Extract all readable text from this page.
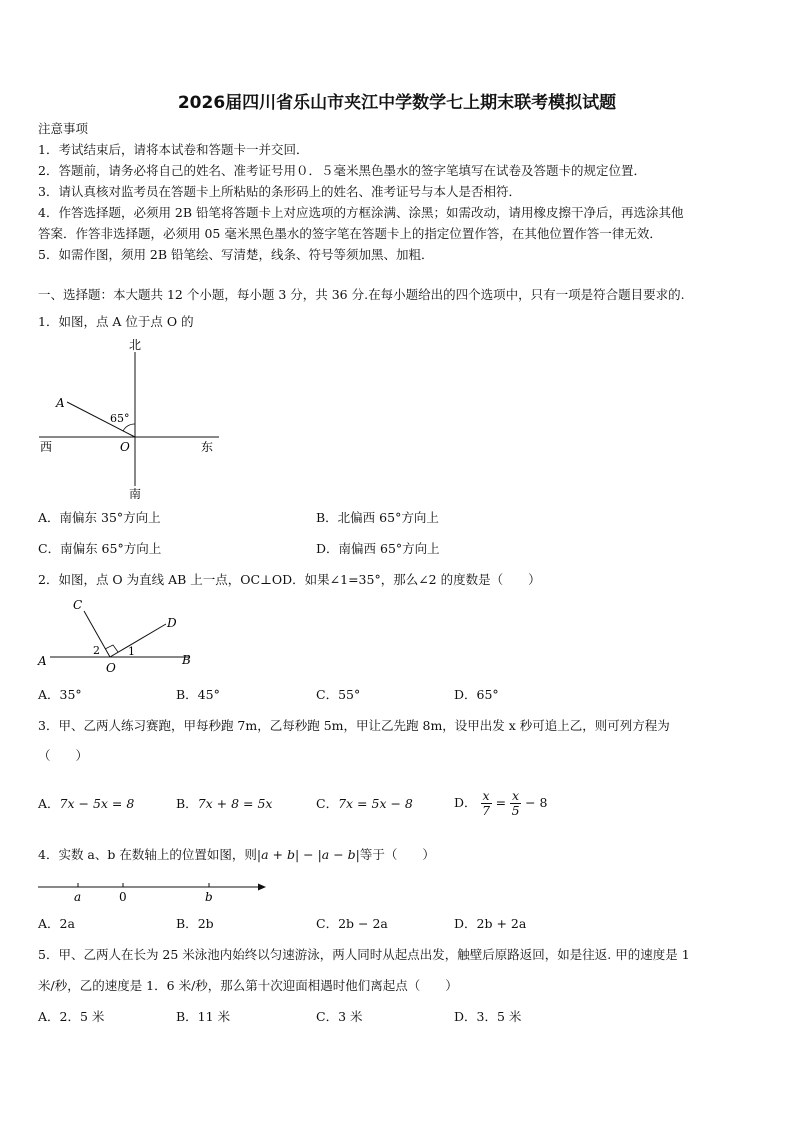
2026届四川省乐山市夹江中学数学七上期末联考模拟试题
注意事项
1．考试结束后，请将本试卷和答题卡一并交回．
2．答题前，请务必将自己的姓名、准考证号用０．５毫米黑色墨水的签字笔填写在试卷及答题卡的规定位置．
3．请认真核对监考员在答题卡上所粘贴的条形码上的姓名、准考证号与本人是否相符．
4．作答选择题，必须用 2B 铅笔将答题卡上对应选项的方框涂满、涂黑；如需改动，请用橡皮擦干净后，再选涂其他
答案．作答非选择题，必须用 05 毫米黑色墨水的签字笔在答题卡上的指定位置作答，在其他位置作答一律无效．
5．如需作图，须用 2B 铅笔绘、写清楚，线条、符号等须加黑、加粗．
一、选择题：本大题共 12 个小题，每小题 3 分，共 36 分.在每小题给出的四个选项中，只有一项是符合题目要求的.
1．如图，点 A 位于点 O 的
北
南
西	东
A
O
65°
A．南偏东 35°方向上	B．北偏西 65°方向上
C．南偏东 65°方向上	D．南偏西 65°方向上
2．如图，点 O 为直线 AB 上一点，OC⊥OD．如果∠1=35°，那么∠2 的度数是（　　）
C
D
A	B
O
1
2
A．35°	B．45°	C．55°	D．65°
3．甲、乙两人练习赛跑，甲每秒跑 7m，乙每秒跑 5m，甲让乙先跑 8m，设甲出发 x 秒可追上乙，则可列方程为
（　　）
A．7x − 5x = 8	B．7x + 8 = 5x	C．7x = 5x − 8	D． $\frac{x}{7} = \frac{x}{5} - 8$
4．实数 a、b 在数轴上的位置如图，则|a + b| − |a − b|等于（　　）
a	0	b
A．2a	B．2b	C．2b − 2a	D．2b + 2a
5．甲、乙两人在长为 25 米泳池内始终以匀速游泳，两人同时从起点出发，触壁后原路返回，如是往返. 甲的速度是 1
米/秒，乙的速度是 1．6 米/秒，那么第十次迎面相遇时他们离起点（　　）
A．2．5 米	B．11 米	C．3 米	D．3．5 米
